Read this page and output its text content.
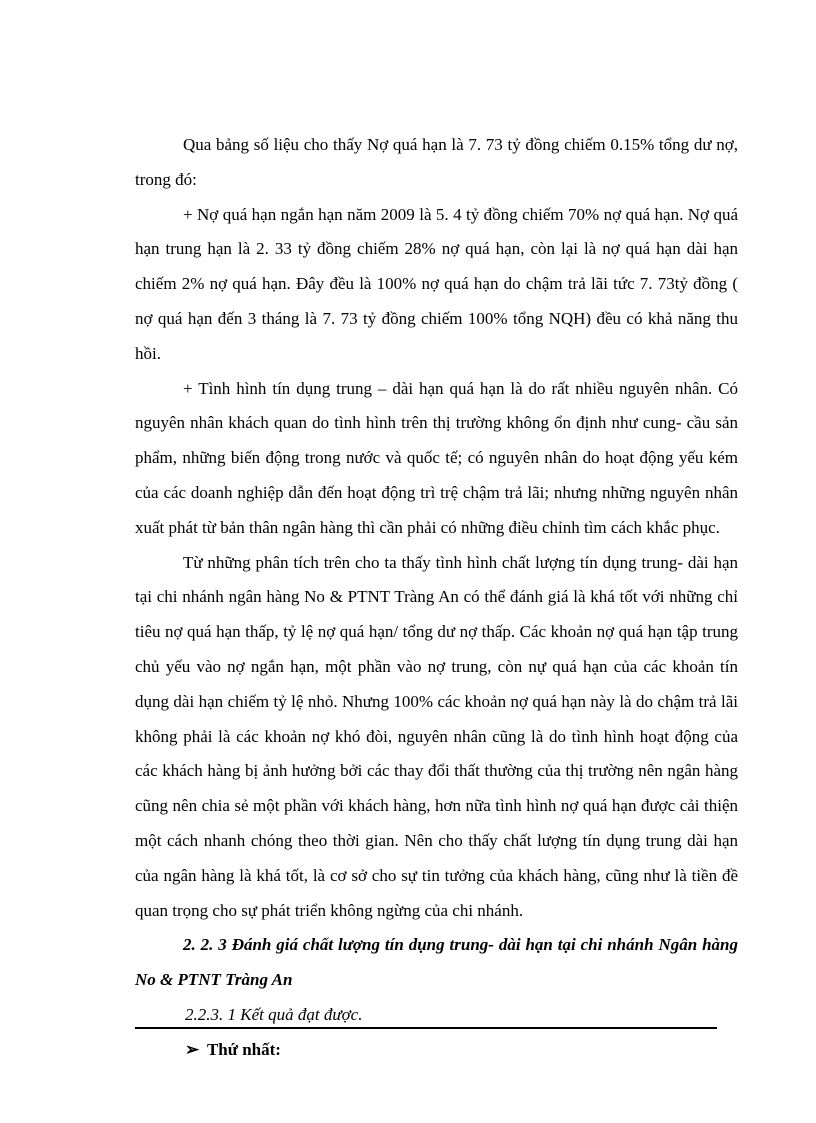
Qua bảng số liệu cho thấy Nợ quá hạn là 7. 73 tỷ đồng chiếm 0.15% tổng dư nợ, trong đó:

+ Nợ quá hạn ngắn hạn năm 2009 là 5. 4 tỷ đồng chiếm 70% nợ quá hạn. Nợ quá hạn trung hạn là 2. 33 tỷ đồng chiếm 28% nợ quá hạn, còn lại là nợ quá hạn dài hạn chiếm 2% nợ quá hạn. Đây đều là 100% nợ quá hạn do chậm trả lãi tức 7. 73tỷ đồng ( nợ quá hạn đến 3 tháng là 7. 73 tỷ đồng chiếm 100% tổng NQH) đều có khả năng thu hồi.

+ Tình hình tín dụng trung – dài hạn quá hạn là do rất nhiều nguyên nhân. Có nguyên nhân khách quan do tình hình trên thị trường không ổn định như cung- cầu sản phẩm, những biến động trong nước và quốc tế; có nguyên nhân do hoạt động yếu kém của các doanh nghiệp dẫn đến hoạt động trì trệ chậm trả lãi; nhưng những nguyên nhân xuất phát từ bản thân ngân hàng thì cần phải có những điều chỉnh tìm cách khắc phục.

Từ những phân tích trên cho ta thấy tình hình chất lượng tín dụng trung- dài hạn tại chi nhánh ngân hàng No & PTNT Tràng An có thể đánh giá là khá tốt với những chỉ tiêu nợ quá hạn thấp, tỷ lệ nợ quá hạn/ tổng dư nợ thấp. Các khoản nợ quá hạn tập trung chủ yếu vào nợ ngắn hạn, một phần vào nợ trung, còn nự quá hạn của các khoản tín dụng dài hạn chiếm tỷ lệ nhỏ. Nhưng 100% các khoản nợ quá hạn này là do chậm trả lãi không phải là các khoản nợ khó đòi, nguyên nhân cũng là do tình hình hoạt động của các khách hàng bị ảnh hưởng bởi các thay đổi thất thường của thị trường nên ngân hàng cũng nên chia sẻ một phần với khách hàng, hơn nữa tình hình nợ quá hạn được cải thiện một cách nhanh chóng theo thời gian. Nên cho thấy chất lượng tín dụng trung dài hạn của ngân hàng là khá tốt, là cơ sở cho sự tin tưởng của khách hàng, cũng như là tiền đề quan trọng cho sự phát triển không ngừng của chi nhánh.

2. 2. 3 Đánh giá chất lượng tín dụng trung- dài hạn tại chi nhánh Ngân hàng No & PTNT Tràng An

2.2.3. 1 Kết quả đạt được.

➢ Thứ nhất:
